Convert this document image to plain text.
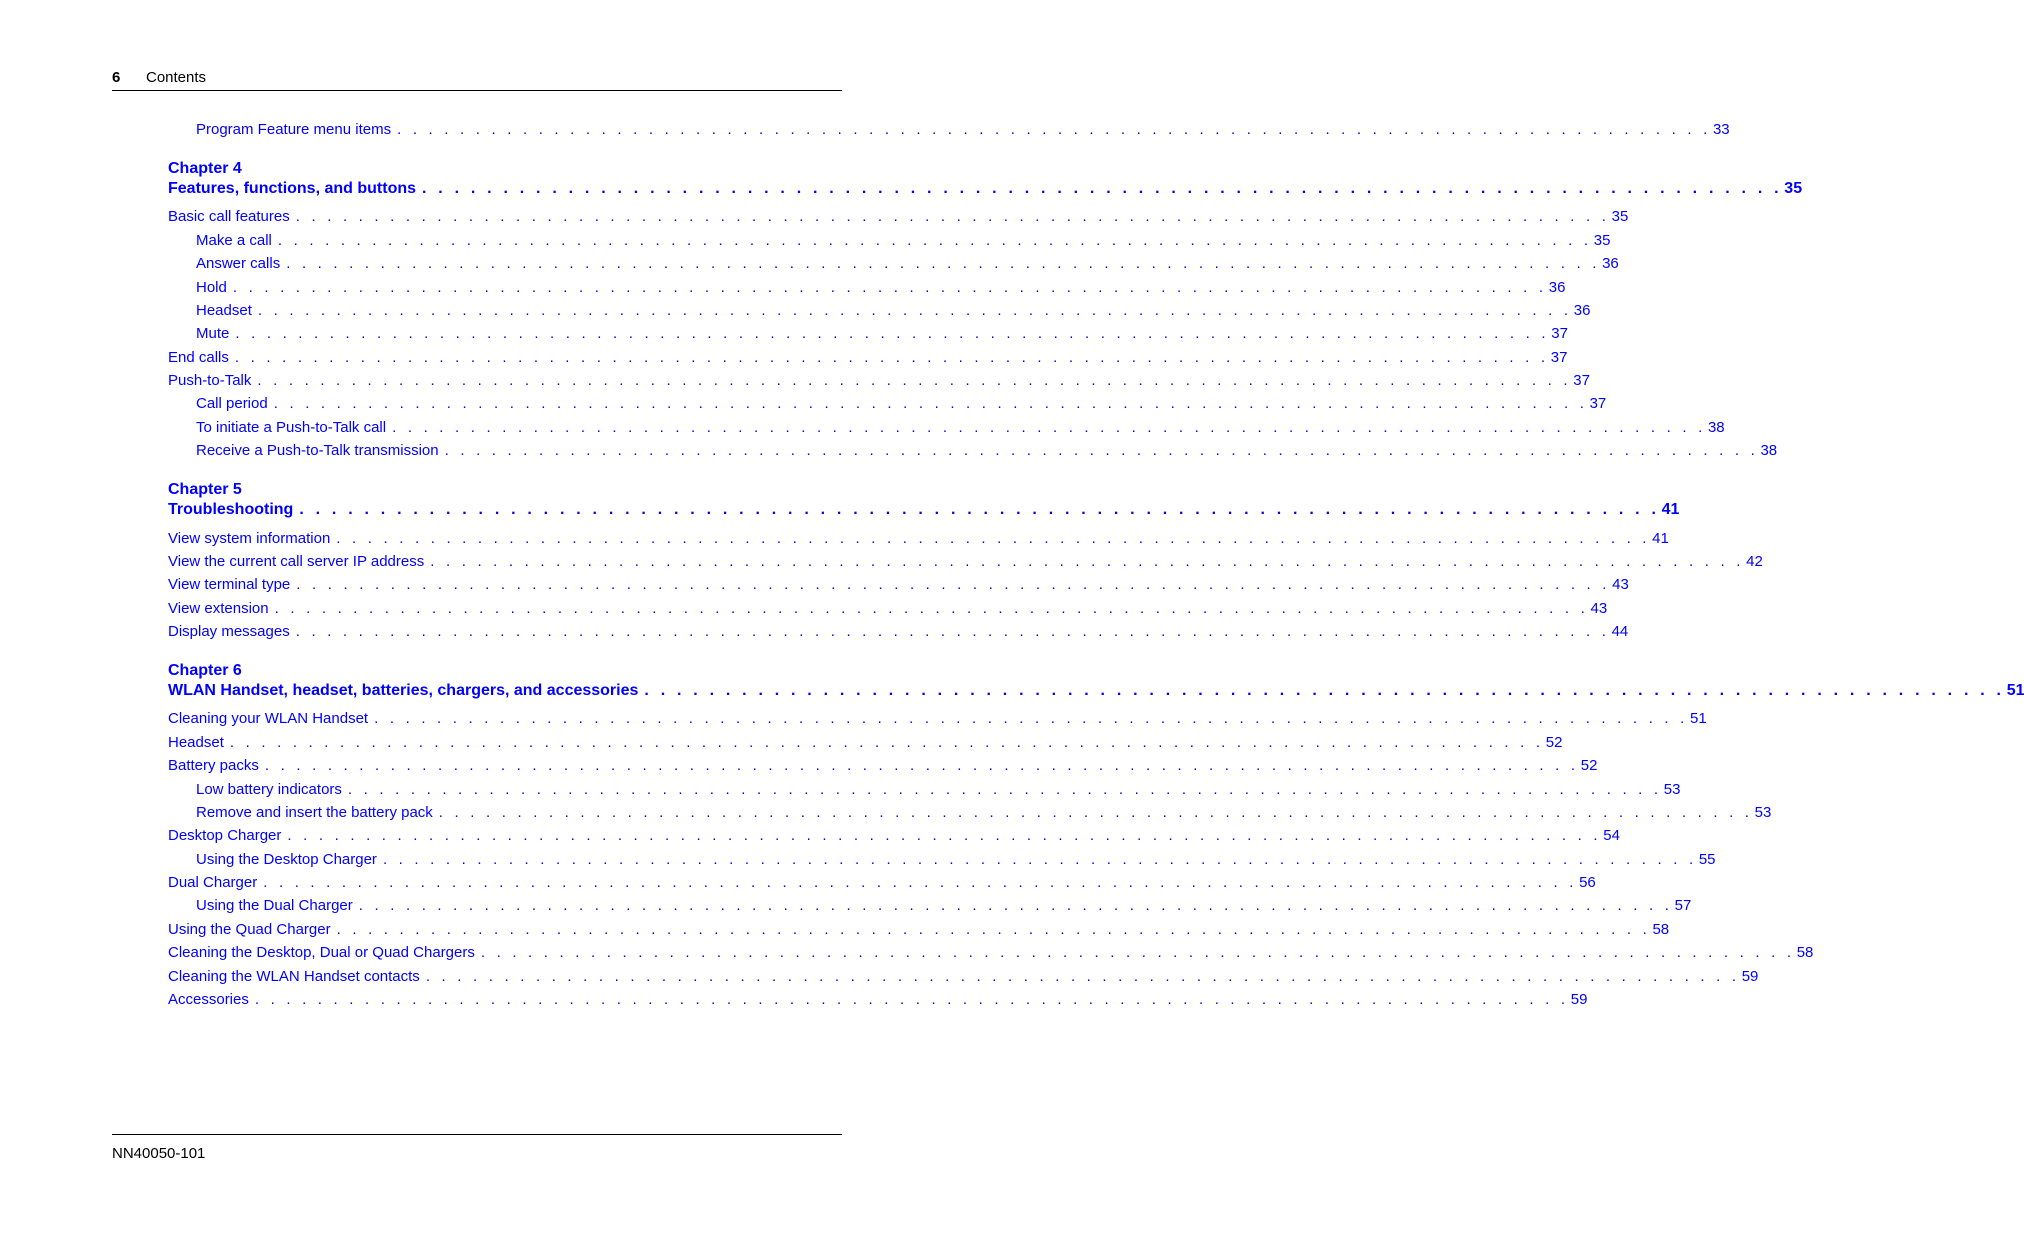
6 Contents
Program Feature menu items . . . . . . . . . . . . . . . . . . . . . . . . . . . . . . . . . . . . . . . . . . . . . . . . . . . . . . . . . . . . . . . . . . . . . . . . . . . . . . . . . . . . 33
Chapter 4
Features, functions, and buttons . . . . . . . . . . . . . . . . . . . . . . . . . . . . . . . . . . . . . . . . . . . . . . . . . . . . . . . . . . . . . . . . . . . . . . . . . . . . . . . . . . . . 35
Basic call features . . . . . . . . . . . . . . . . . . . . . . . . . . . . . . . . . . . . . . . . . . . . . . . . . . . . . . . . . . . . . . . . . . . . . . . . . . . . . . . . . . . . 35
Make a call . . . . . . . . . . . . . . . . . . . . . . . . . . . . . . . . . . . . . . . . . . . . . . . . . . . . . . . . . . . . . . . . . . . . . . . . . . . . . . . . . . . . 35
Answer calls . . . . . . . . . . . . . . . . . . . . . . . . . . . . . . . . . . . . . . . . . . . . . . . . . . . . . . . . . . . . . . . . . . . . . . . . . . . . . . . . . . . . 36
Hold . . . . . . . . . . . . . . . . . . . . . . . . . . . . . . . . . . . . . . . . . . . . . . . . . . . . . . . . . . . . . . . . . . . . . . . . . . . . . . . . . . . . 36
Headset . . . . . . . . . . . . . . . . . . . . . . . . . . . . . . . . . . . . . . . . . . . . . . . . . . . . . . . . . . . . . . . . . . . . . . . . . . . . . . . . . . . . 36
Mute . . . . . . . . . . . . . . . . . . . . . . . . . . . . . . . . . . . . . . . . . . . . . . . . . . . . . . . . . . . . . . . . . . . . . . . . . . . . . . . . . . . . 37
End calls . . . . . . . . . . . . . . . . . . . . . . . . . . . . . . . . . . . . . . . . . . . . . . . . . . . . . . . . . . . . . . . . . . . . . . . . . . . . . . . . . . . . 37
Push-to-Talk . . . . . . . . . . . . . . . . . . . . . . . . . . . . . . . . . . . . . . . . . . . . . . . . . . . . . . . . . . . . . . . . . . . . . . . . . . . . . . . . . . . . 37
Call period . . . . . . . . . . . . . . . . . . . . . . . . . . . . . . . . . . . . . . . . . . . . . . . . . . . . . . . . . . . . . . . . . . . . . . . . . . . . . . . . . . . . 37
To initiate a Push-to-Talk call . . . . . . . . . . . . . . . . . . . . . . . . . . . . . . . . . . . . . . . . . . . . . . . . . . . . . . . . . . . . . . . . . . . . . . . . . . . . . . . . . . . . 38
Receive a Push-to-Talk transmission . . . . . . . . . . . . . . . . . . . . . . . . . . . . . . . . . . . . . . . . . . . . . . . . . . . . . . . . . . . . . . . . . . . . . . . . . . . . . . . . . . . . 38
Chapter 5
Troubleshooting . . . . . . . . . . . . . . . . . . . . . . . . . . . . . . . . . . . . . . . . . . . . . . . . . . . . . . . . . . . . . . . . . . . . . . . . . . . . . . . . . . . . 41
View system information . . . . . . . . . . . . . . . . . . . . . . . . . . . . . . . . . . . . . . . . . . . . . . . . . . . . . . . . . . . . . . . . . . . . . . . . . . . . . . . . . . . . 41
View the current call server IP address . . . . . . . . . . . . . . . . . . . . . . . . . . . . . . . . . . . . . . . . . . . . . . . . . . . . . . . . . . . . . . . . . . . . . . . . . . . . . . . . . . . . 42
View terminal type . . . . . . . . . . . . . . . . . . . . . . . . . . . . . . . . . . . . . . . . . . . . . . . . . . . . . . . . . . . . . . . . . . . . . . . . . . . . . . . . . . . . 43
View extension . . . . . . . . . . . . . . . . . . . . . . . . . . . . . . . . . . . . . . . . . . . . . . . . . . . . . . . . . . . . . . . . . . . . . . . . . . . . . . . . . . . . 43
Display messages . . . . . . . . . . . . . . . . . . . . . . . . . . . . . . . . . . . . . . . . . . . . . . . . . . . . . . . . . . . . . . . . . . . . . . . . . . . . . . . . . . . . 44
Chapter 6
WLAN Handset, headset, batteries, chargers, and accessories . . . . . . . . . . . . . . . . . . . . . . . . . . . . . . . . . . . . . . . . . . . . . . . . . . . . . . . . . . . . . . . . . . . . . . . . . . . . . . . . . . . . 51
Cleaning your WLAN Handset . . . . . . . . . . . . . . . . . . . . . . . . . . . . . . . . . . . . . . . . . . . . . . . . . . . . . . . . . . . . . . . . . . . . . . . . . . . . . . . . . . . . 51
Headset . . . . . . . . . . . . . . . . . . . . . . . . . . . . . . . . . . . . . . . . . . . . . . . . . . . . . . . . . . . . . . . . . . . . . . . . . . . . . . . . . . . . 52
Battery packs . . . . . . . . . . . . . . . . . . . . . . . . . . . . . . . . . . . . . . . . . . . . . . . . . . . . . . . . . . . . . . . . . . . . . . . . . . . . . . . . . . . . 52
Low battery indicators . . . . . . . . . . . . . . . . . . . . . . . . . . . . . . . . . . . . . . . . . . . . . . . . . . . . . . . . . . . . . . . . . . . . . . . . . . . . . . . . . . . . 53
Remove and insert the battery pack . . . . . . . . . . . . . . . . . . . . . . . . . . . . . . . . . . . . . . . . . . . . . . . . . . . . . . . . . . . . . . . . . . . . . . . . . . . . . . . . . . . . 53
Desktop Charger . . . . . . . . . . . . . . . . . . . . . . . . . . . . . . . . . . . . . . . . . . . . . . . . . . . . . . . . . . . . . . . . . . . . . . . . . . . . . . . . . . . . 54
Using the Desktop Charger . . . . . . . . . . . . . . . . . . . . . . . . . . . . . . . . . . . . . . . . . . . . . . . . . . . . . . . . . . . . . . . . . . . . . . . . . . . . . . . . . . . . 55
Dual Charger . . . . . . . . . . . . . . . . . . . . . . . . . . . . . . . . . . . . . . . . . . . . . . . . . . . . . . . . . . . . . . . . . . . . . . . . . . . . . . . . . . . . 56
Using the Dual Charger . . . . . . . . . . . . . . . . . . . . . . . . . . . . . . . . . . . . . . . . . . . . . . . . . . . . . . . . . . . . . . . . . . . . . . . . . . . . . . . . . . . . 57
Using the Quad Charger . . . . . . . . . . . . . . . . . . . . . . . . . . . . . . . . . . . . . . . . . . . . . . . . . . . . . . . . . . . . . . . . . . . . . . . . . . . . . . . . . . . . 58
Cleaning the Desktop, Dual or Quad Chargers . . . . . . . . . . . . . . . . . . . . . . . . . . . . . . . . . . . . . . . . . . . . . . . . . . . . . . . . . . . . . . . . . . . . . . . . . . . . . . . . . . . . 58
Cleaning the WLAN Handset contacts . . . . . . . . . . . . . . . . . . . . . . . . . . . . . . . . . . . . . . . . . . . . . . . . . . . . . . . . . . . . . . . . . . . . . . . . . . . . . . . . . . . . 59
Accessories . . . . . . . . . . . . . . . . . . . . . . . . . . . . . . . . . . . . . . . . . . . . . . . . . . . . . . . . . . . . . . . . . . . . . . . . . . . . . . . . . . . . 59
NN40050-101
